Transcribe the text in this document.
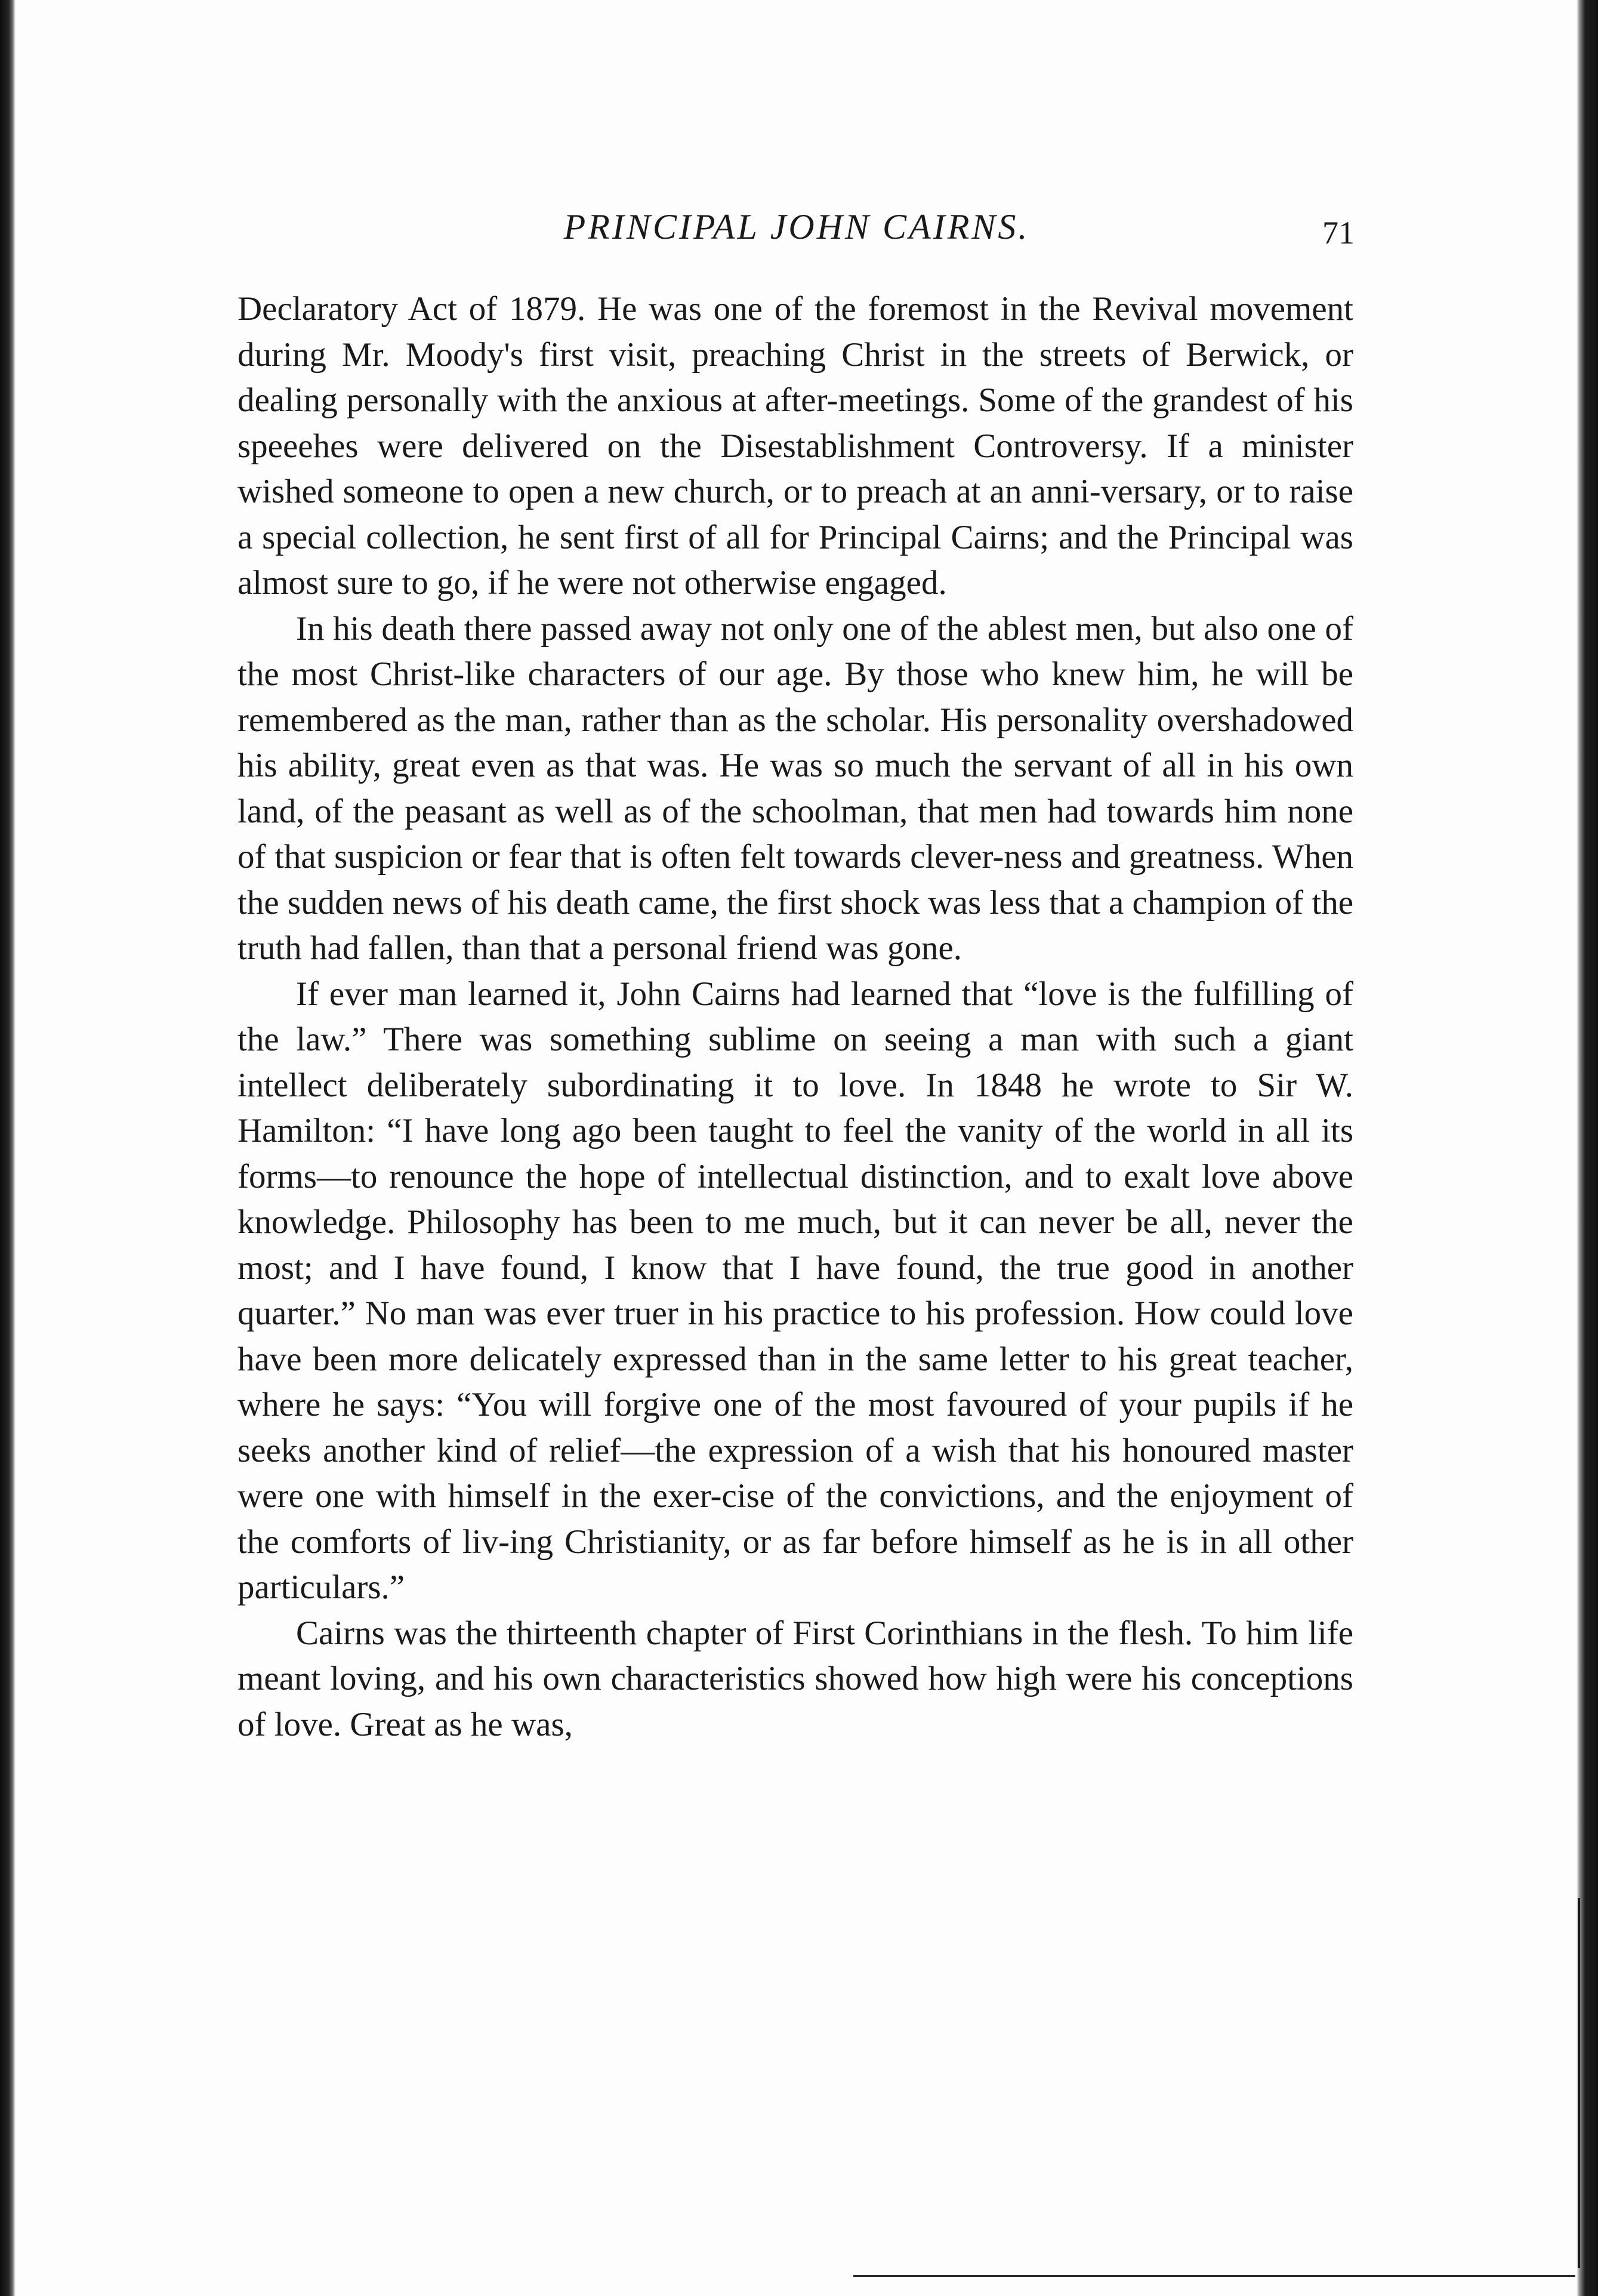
PRINCIPAL JOHN CAIRNS.	71

Declaratory Act of 1879. He was one of the foremost in the Revival movement during Mr. Moody's first visit, preaching Christ in the streets of Berwick, or dealing personally with the anxious at after-meetings. Some of the grandest of his speeehes were delivered on the Disestablishment Controversy. If a minister wished someone to open a new church, or to preach at an anni-versary, or to raise a special collection, he sent first of all for Principal Cairns; and the Principal was almost sure to go, if he were not otherwise engaged.

In his death there passed away not only one of the ablest men, but also one of the most Christ-like characters of our age. By those who knew him, he will be remembered as the man, rather than as the scholar. His personality overshadowed his ability, great even as that was. He was so much the servant of all in his own land, of the peasant as well as of the schoolman, that men had towards him none of that suspicion or fear that is often felt towards clever-ness and greatness. When the sudden news of his death came, the first shock was less that a champion of the truth had fallen, than that a personal friend was gone.

If ever man learned it, John Cairns had learned that “love is the fulfilling of the law.” There was something sublime on seeing a man with such a giant intellect deliberately subordinating it to love. In 1848 he wrote to Sir W. Hamilton: “I have long ago been taught to feel the vanity of the world in all its forms—to renounce the hope of intellectual distinction, and to exalt love above knowledge. Philosophy has been to me much, but it can never be all, never the most; and I have found, I know that I have found, the true good in another quarter.” No man was ever truer in his practice to his profession. How could love have been more delicately expressed than in the same letter to his great teacher, where he says: “You will forgive one of the most favoured of your pupils if he seeks another kind of relief—the expression of a wish that his honoured master were one with himself in the exer-cise of the convictions, and the enjoyment of the comforts of liv-ing Christianity, or as far before himself as he is in all other particulars.”

Cairns was the thirteenth chapter of First Corinthians in the flesh. To him life meant loving, and his own characteristics showed how high were his conceptions of love. Great as he was,
